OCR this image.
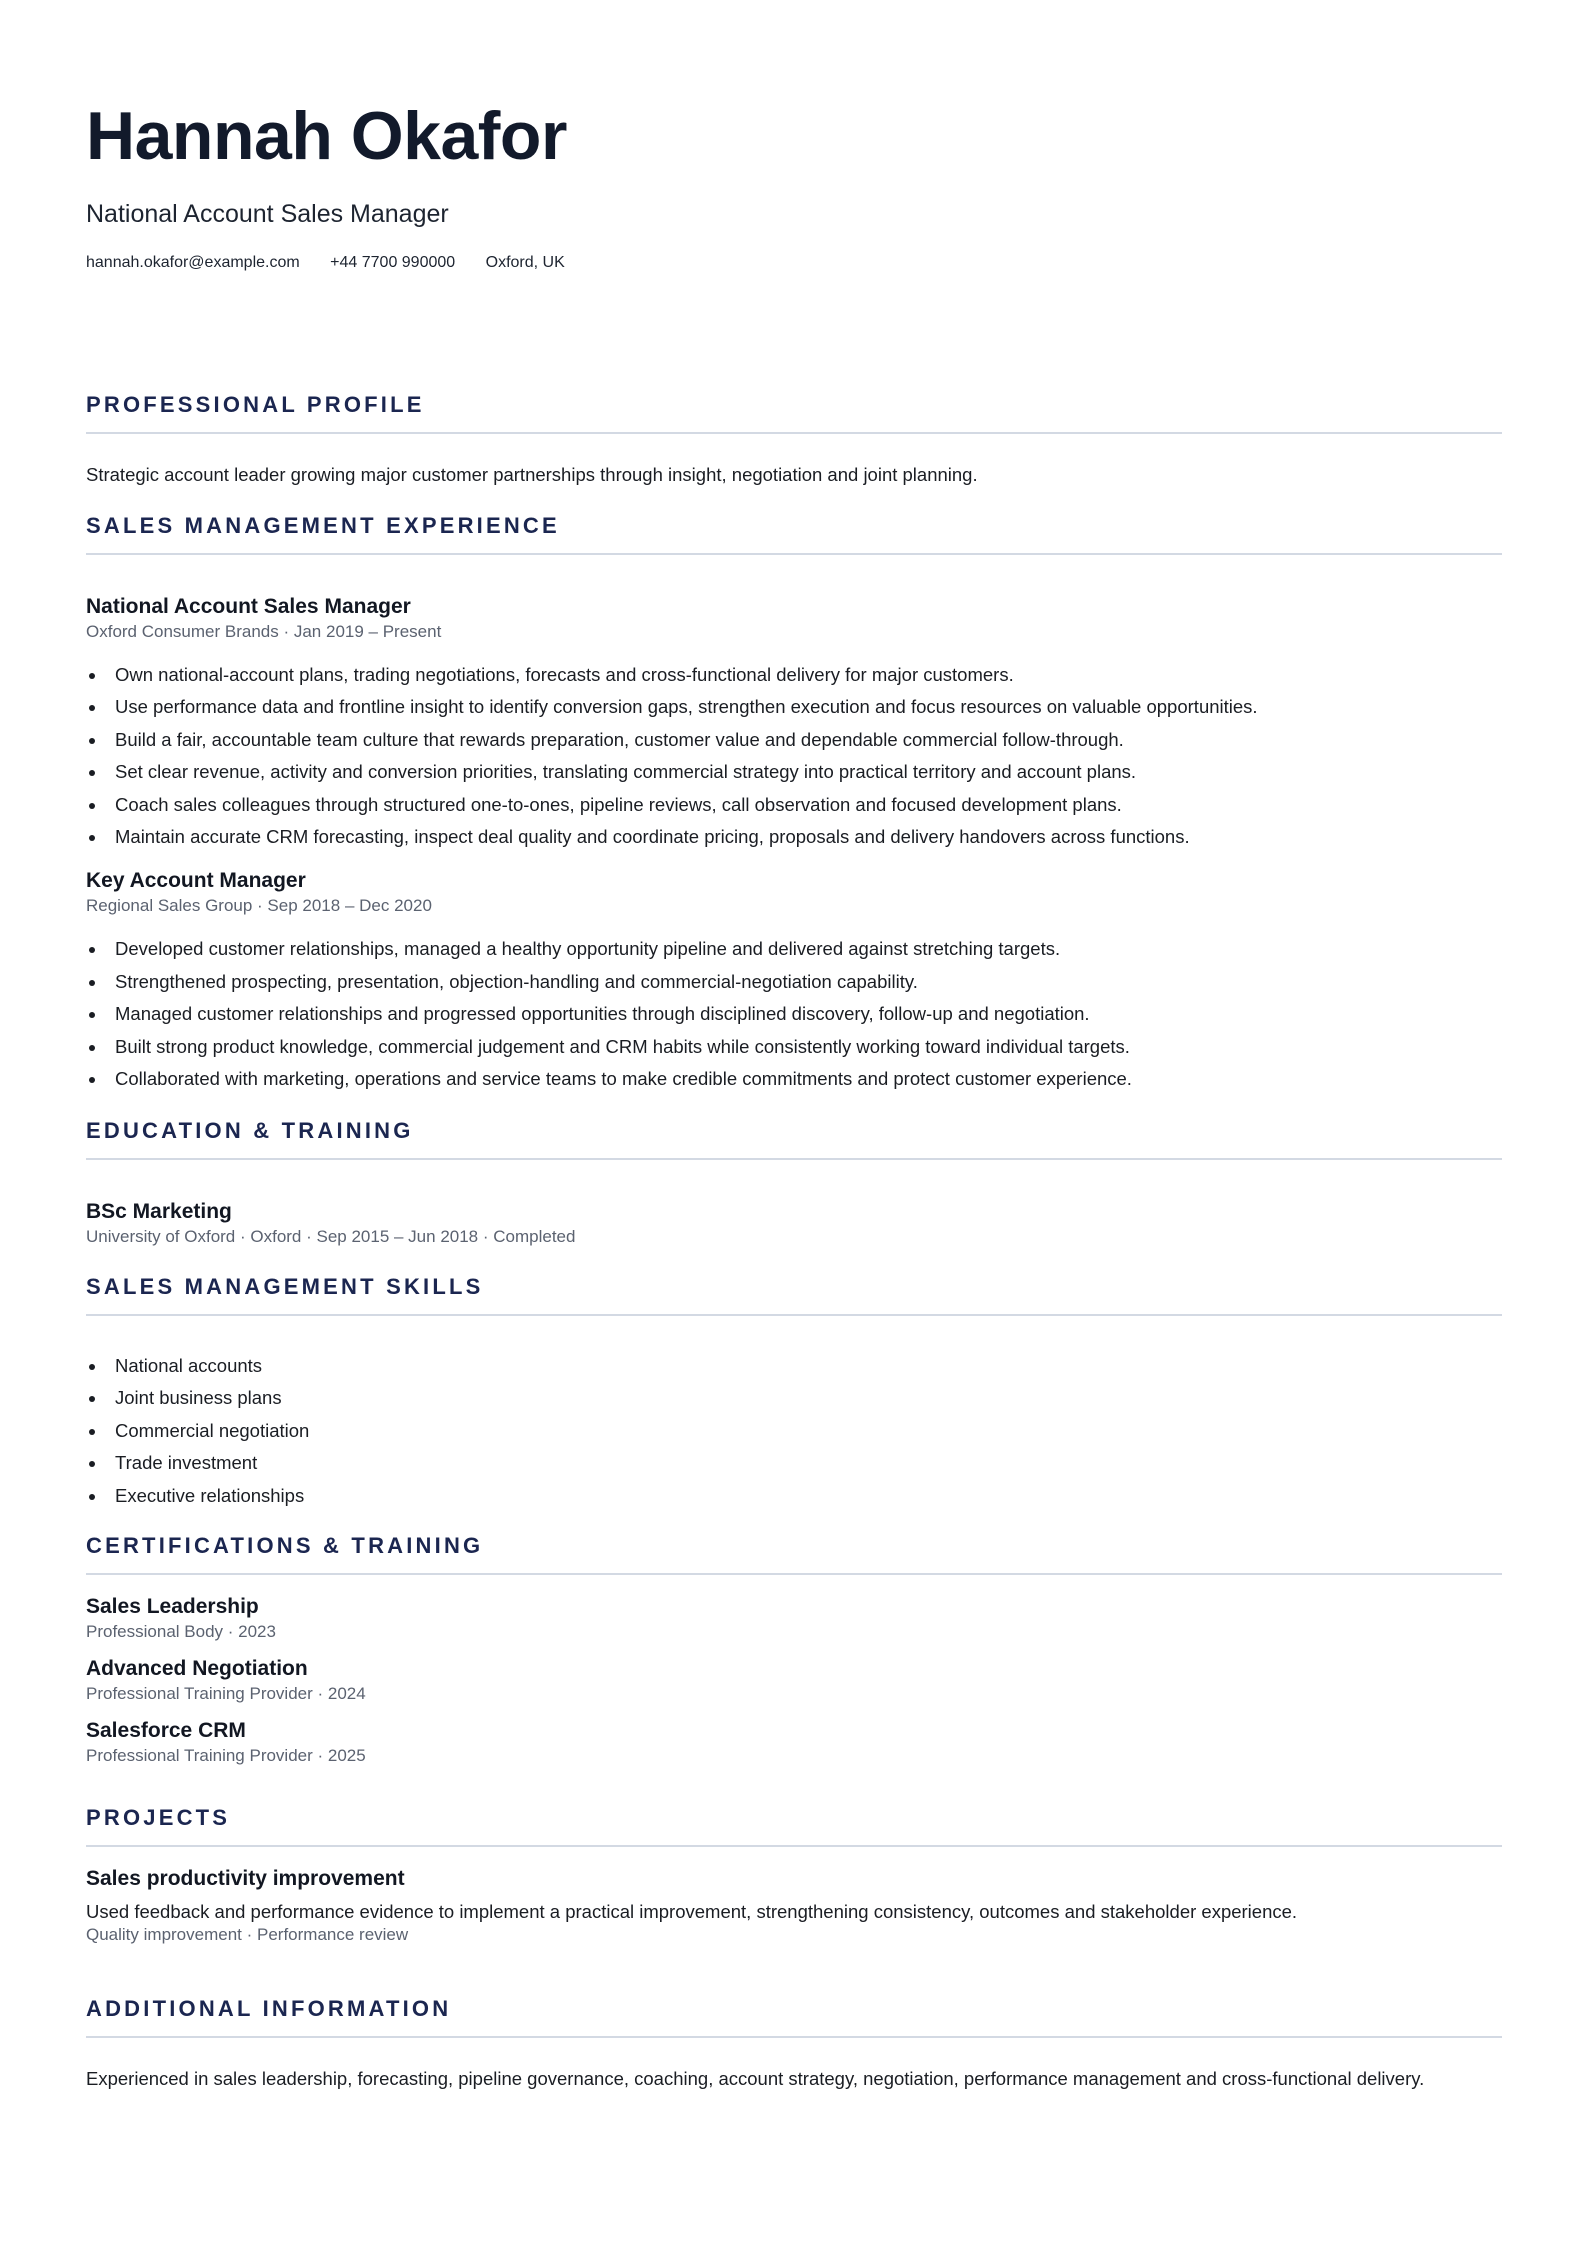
Hannah Okafor
National Account Sales Manager
hannah.okafor@example.com +44 7700 990000 Oxford, UK
PROFESSIONAL PROFILE
Strategic account leader growing major customer partnerships through insight, negotiation and joint planning.
SALES MANAGEMENT EXPERIENCE
National Account Sales Manager
Oxford Consumer Brands · Jan 2019 – Present
Own national-account plans, trading negotiations, forecasts and cross-functional delivery for major customers.
Use performance data and frontline insight to identify conversion gaps, strengthen execution and focus resources on valuable opportunities.
Build a fair, accountable team culture that rewards preparation, customer value and dependable commercial follow-through.
Set clear revenue, activity and conversion priorities, translating commercial strategy into practical territory and account plans.
Coach sales colleagues through structured one-to-ones, pipeline reviews, call observation and focused development plans.
Maintain accurate CRM forecasting, inspect deal quality and coordinate pricing, proposals and delivery handovers across functions.
Key Account Manager
Regional Sales Group · Sep 2018 – Dec 2020
Developed customer relationships, managed a healthy opportunity pipeline and delivered against stretching targets.
Strengthened prospecting, presentation, objection-handling and commercial-negotiation capability.
Managed customer relationships and progressed opportunities through disciplined discovery, follow-up and negotiation.
Built strong product knowledge, commercial judgement and CRM habits while consistently working toward individual targets.
Collaborated with marketing, operations and service teams to make credible commitments and protect customer experience.
EDUCATION & TRAINING
BSc Marketing
University of Oxford · Oxford · Sep 2015 – Jun 2018 · Completed
SALES MANAGEMENT SKILLS
National accounts
Joint business plans
Commercial negotiation
Trade investment
Executive relationships
CERTIFICATIONS & TRAINING
Sales Leadership
Professional Body · 2023
Advanced Negotiation
Professional Training Provider · 2024
Salesforce CRM
Professional Training Provider · 2025
PROJECTS
Sales productivity improvement
Used feedback and performance evidence to implement a practical improvement, strengthening consistency, outcomes and stakeholder experience.
Quality improvement · Performance review
ADDITIONAL INFORMATION
Experienced in sales leadership, forecasting, pipeline governance, coaching, account strategy, negotiation, performance management and cross-functional delivery.
